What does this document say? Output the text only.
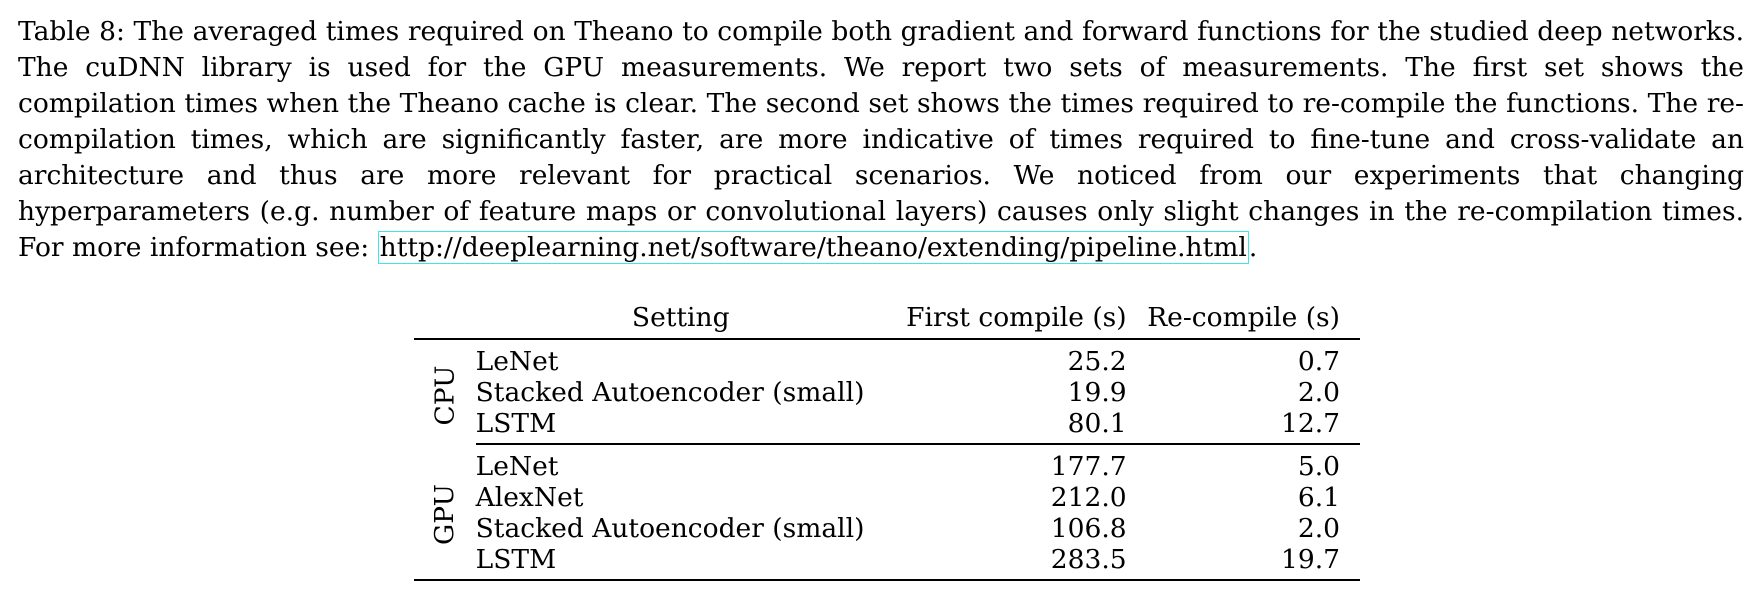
Table 8: The averaged times required on Theano to compile both gradient and forward functions for the studied deep networks. The cuDNN library is used for the GPU measurements. We report two sets of measurements. The first set shows the compilation times when the Theano cache is clear. The second set shows the times required to re-compile the functions. The re-compilation times, which are significantly faster, are more indicative of times required to fine-tune and cross-validate an architecture and thus are more relevant for practical scenarios. We noticed from our experiments that changing hyperparameters (e.g. number of feature maps or convolutional layers) causes only slight changes in the re-compilation times. For more information see: http://deeplearning.net/software/theano/extending/pipeline.html.
	Setting	First compile (s)	Re-compile (s)
CPU	LeNet	25.2	0.7
	Stacked Autoencoder (small)	19.9	2.0
	LSTM	80.1	12.7
GPU	LeNet	177.7	5.0
	AlexNet	212.0	6.1
	Stacked Autoencoder (small)	106.8	2.0
	LSTM	283.5	19.7
